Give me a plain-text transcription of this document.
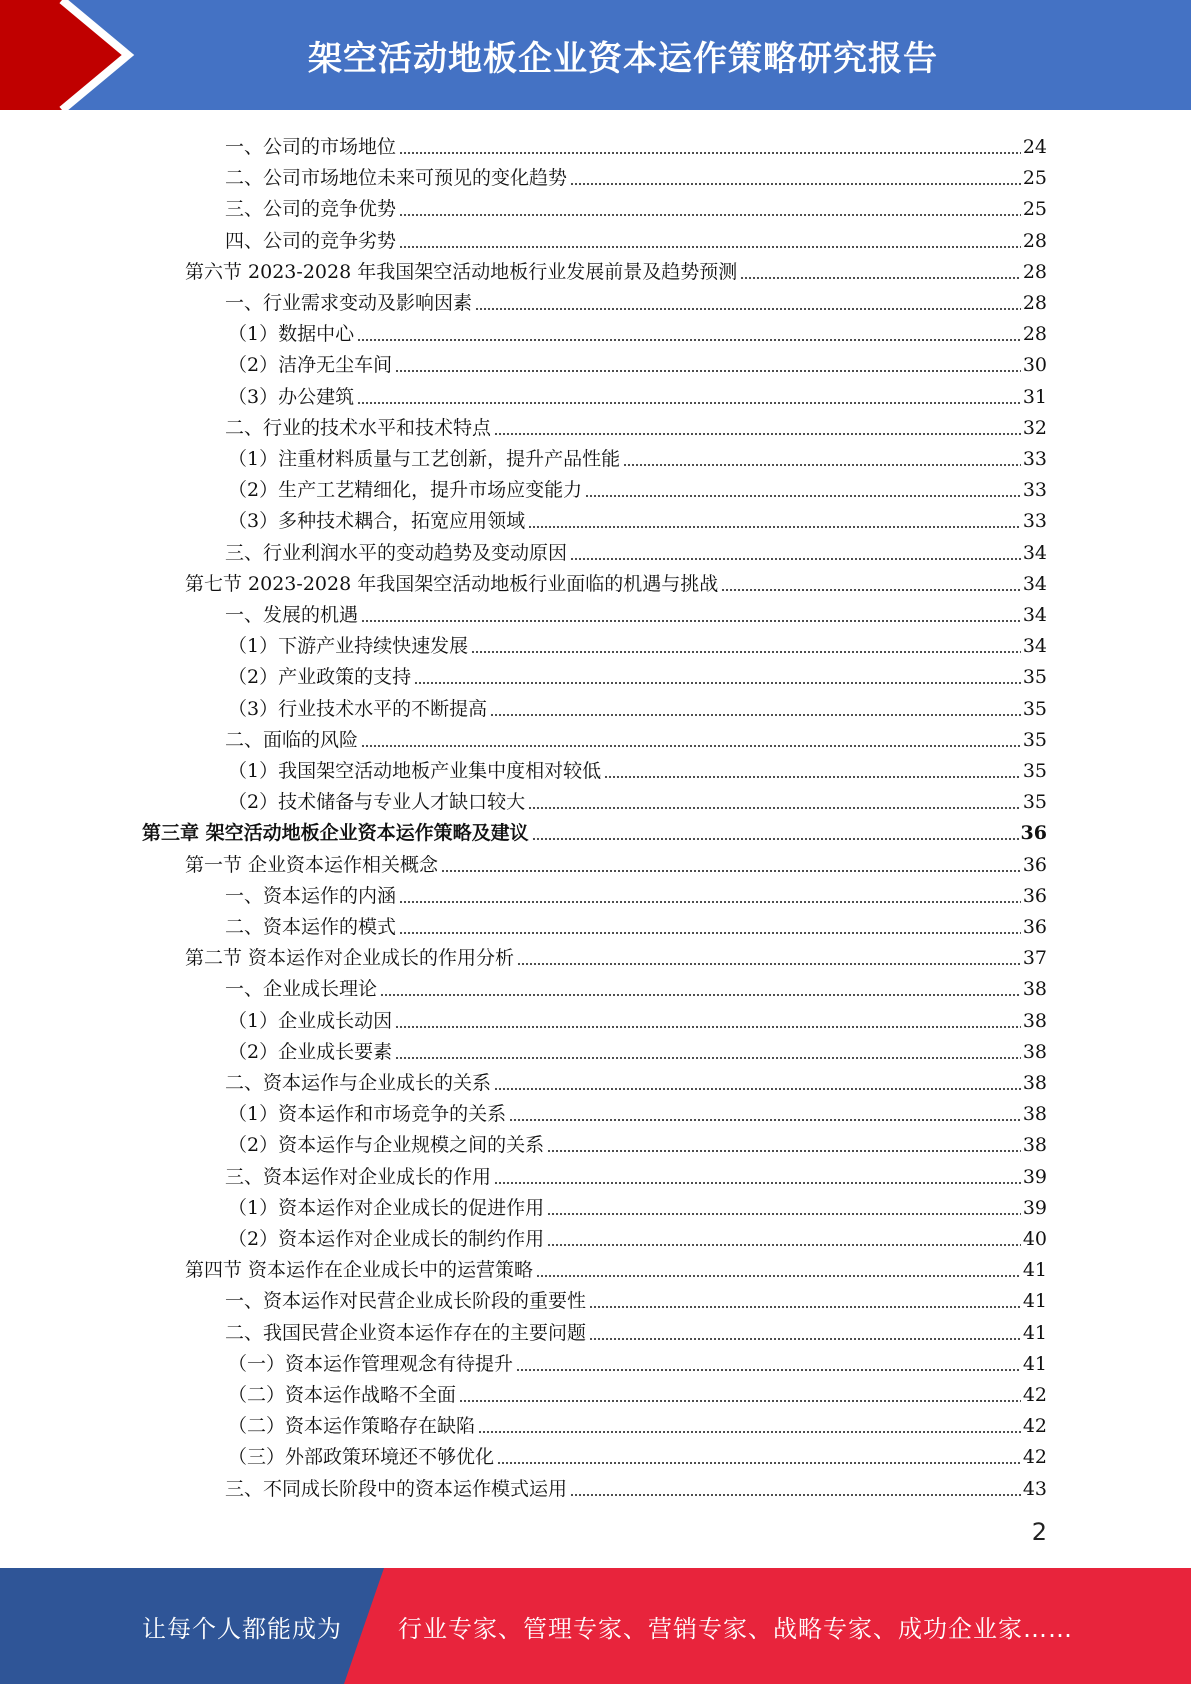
架空活动地板企业资本运作策略研究报告
一、公司的市场地位	24
二、公司市场地位未来可预见的变化趋势	25
三、公司的竞争优势	25
四、公司的竞争劣势	28
第六节 2023-2028 年我国架空活动地板行业发展前景及趋势预测	28
一、行业需求变动及影响因素	28
（1）数据中心	28
（2）洁净无尘车间	30
（3）办公建筑	31
二、行业的技术水平和技术特点	32
（1）注重材料质量与工艺创新，提升产品性能	33
（2）生产工艺精细化，提升市场应变能力	33
（3）多种技术耦合，拓宽应用领域	33
三、行业利润水平的变动趋势及变动原因	34
第七节 2023-2028 年我国架空活动地板行业面临的机遇与挑战	34
一、发展的机遇	34
（1）下游产业持续快速发展	34
（2）产业政策的支持	35
（3）行业技术水平的不断提高	35
二、面临的风险	35
（1）我国架空活动地板产业集中度相对较低	35
（2）技术储备与专业人才缺口较大	35
第三章 架空活动地板企业资本运作策略及建议	36
第一节 企业资本运作相关概念	36
一、资本运作的内涵	36
二、资本运作的模式	36
第二节 资本运作对企业成长的作用分析	37
一、企业成长理论	38
（1）企业成长动因	38
（2）企业成长要素	38
二、资本运作与企业成长的关系	38
（1）资本运作和市场竞争的关系	38
（2）资本运作与企业规模之间的关系	38
三、资本运作对企业成长的作用	39
（1）资本运作对企业成长的促进作用	39
（2）资本运作对企业成长的制约作用	40
第四节 资本运作在企业成长中的运营策略	41
一、资本运作对民营企业成长阶段的重要性	41
二、我国民营企业资本运作存在的主要问题	41
（一）资本运作管理观念有待提升	41
（二）资本运作战略不全面	42
（二）资本运作策略存在缺陷	42
（三）外部政策环境还不够优化	42
三、不同成长阶段中的资本运作模式运用	43
2
让每个人都能成为 行业专家、管理专家、营销专家、战略专家、成功企业家……
